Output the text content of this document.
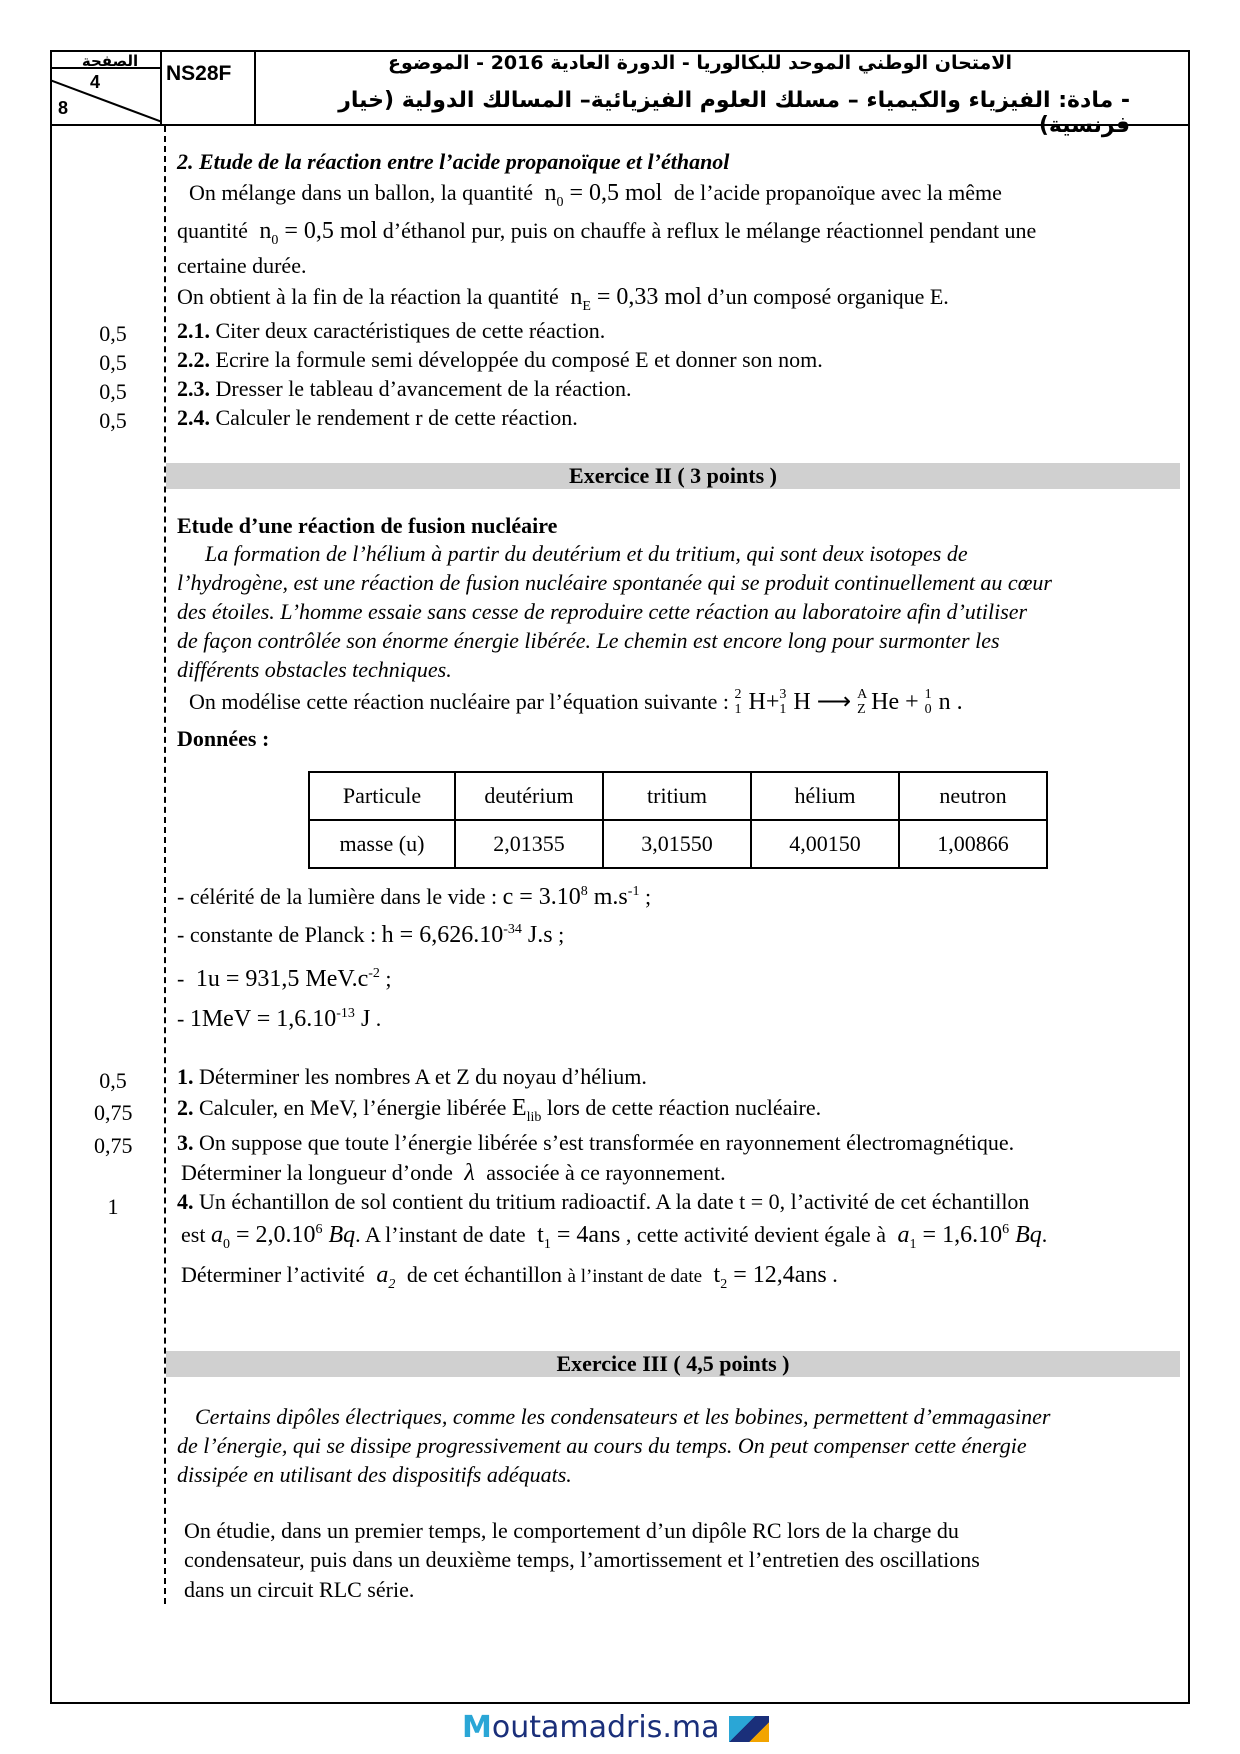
الصفحة
4
8
NS28F	الامتحان الوطني الموحد للبكالوريا - الدورة العادية 2016 - الموضوع
- مادة: الفيزياء والكيمياء – مسلك العلوم الفيزيائية– المسالك الدولية (خيار فرنسية)
2. Etude de la réaction entre l’acide propanoïque et l’éthanol
On mélange dans un ballon, la quantité  $n_0 = 0,5$ mol  de l’acide propanoïque avec la même
quantité  $n_0 = 0,5$ mol d’éthanol pur, puis on chauffe à reflux le mélange réactionnel pendant une
certaine durée.
On obtient à la fin de la réaction la quantité  $n_E = 0,33$ mol d’un composé organique E.
2.1. Citer deux caractéristiques de cette réaction.
2.2. Ecrire la formule semi développée du composé E et donner son nom.
2.3. Dresser le tableau d’avancement de la réaction.
2.4. Calculer le rendement r de cette réaction.
0,5
0,5
0,5
0,5
Exercice II ( 3 points )
Etude d’une réaction de fusion nucléaire
La formation de l’hélium à partir du deutérium et du tritium, qui sont deux isotopes de
l’hydrogène, est une réaction de fusion nucléaire spontanée qui se produit continuellement au cœur
des étoiles. L’homme essaie sans cesse de reproduire cette réaction au laboratoire afin d’utiliser
de façon contrôlée son énorme énergie libérée. Le chemin est encore long pour surmonter les
différents obstacles techniques.
On modélise cette réaction nucléaire par l’équation suivante : 2
1 H+ 3
1 H ⟶ A
Z He + 1
0 n .
Données :
Particule	deutérium	tritium	hélium	neutron
masse (u)	2,01355	3,01550	4,00150	1,00866
- célérité de la lumière dans le vide : $c = 3.10^8$ $m.s^{-1}$ ;
- constante de Planck : $h = 6,626.10^{-34}$ J.s ;
-  1u = 931,5 $MeV.c^{-2}$ ;
- $1MeV = 1,6.10^{-13}$ J .
1. Déterminer les nombres A et Z du noyau d’hélium.
2. Calculer, en MeV, l’énergie libérée $E_{lib}$ lors de cette réaction nucléaire.
3. On suppose que toute l’énergie libérée s’est transformée en rayonnement électromagnétique.
Déterminer la longueur d’onde  λ  associée à ce rayonnement.
4. Un échantillon de sol contient du tritium radioactif. A la date t = 0, l’activité de cet échantillon
est $a_0 = 2,0.10^6$ Bq. A l’instant de date  $t_1 = 4ans$ , cette activité devient égale à $a_1 = 1,6.10^6$ Bq.
Déterminer l’activité  $a_2$ de cet échantillon à l’instant de date  $t_2 = 12,4ans$ .
0,5
0,75
0,75
1
Exercice III ( 4,5 points )
Certains dipôles électriques, comme les condensateurs et les bobines, permettent d’emmagasiner
de l’énergie, qui se dissipe progressivement au cours du temps. On peut compenser cette énergie
dissipée en utilisant des dispositifs adéquats.
On étudie, dans un premier temps, le comportement d’un dipôle RC lors de la charge du
condensateur, puis dans un deuxième temps, l’amortissement et l’entretien des oscillations
dans un circuit RLC série.
Moutamadris.ma
